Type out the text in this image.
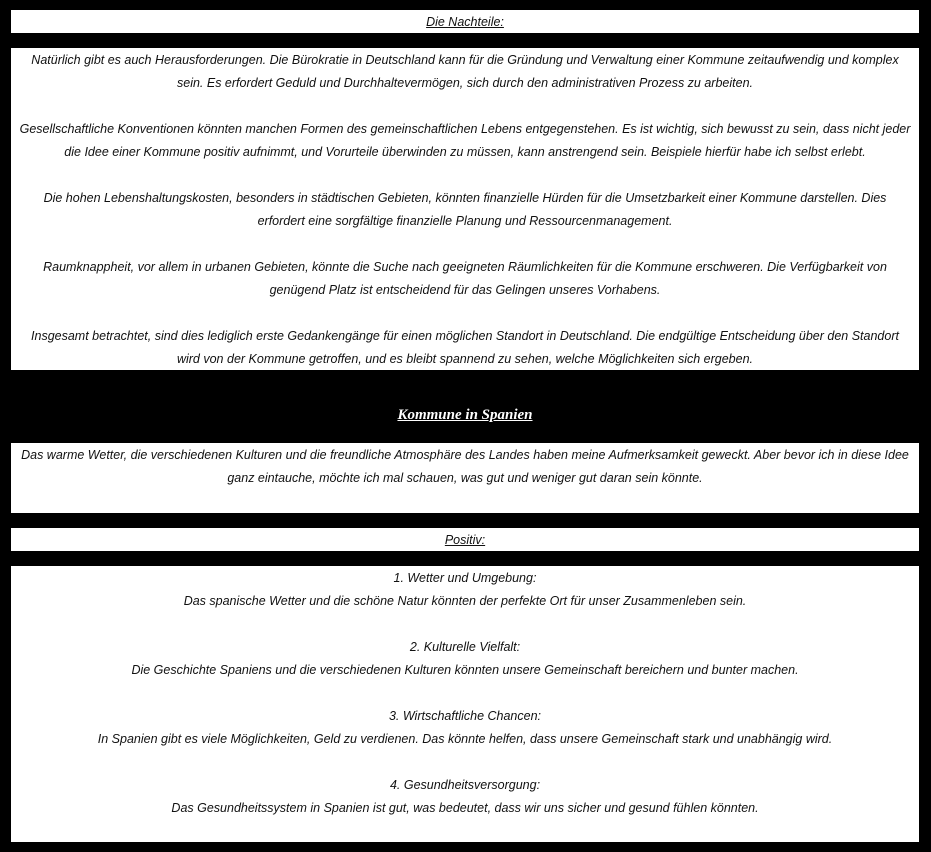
Die Nachteile:

Natürlich gibt es auch Herausforderungen. Die Bürokratie in Deutschland kann für die Gründung und Verwaltung einer Kommune zeitaufwendig und komplex sein. Es erfordert Geduld und Durchhaltevermögen, sich durch den administrativen Prozess zu arbeiten.

Gesellschaftliche Konventionen könnten manchen Formen des gemeinschaftlichen Lebens entgegenstehen. Es ist wichtig, sich bewusst zu sein, dass nicht jeder die Idee einer Kommune positiv aufnimmt, und Vorurteile überwinden zu müssen, kann anstrengend sein. Beispiele hierfür habe ich selbst erlebt.

Die hohen Lebenshaltungskosten, besonders in städtischen Gebieten, könnten finanzielle Hürden für die Umsetzbarkeit einer Kommune darstellen. Dies erfordert eine sorgfältige finanzielle Planung und Ressourcenmanagement.

Raumknappheit, vor allem in urbanen Gebieten, könnte die Suche nach geeigneten Räumlichkeiten für die Kommune erschweren. Die Verfügbarkeit von genügend Platz ist entscheidend für das Gelingen unseres Vorhabens.

Insgesamt betrachtet, sind dies lediglich erste Gedankengänge für einen möglichen Standort in Deutschland. Die endgültige Entscheidung über den Standort wird von der Kommune getroffen, und es bleibt spannend zu sehen, welche Möglichkeiten sich ergeben.

Kommune in Spanien

Das warme Wetter, die verschiedenen Kulturen und die freundliche Atmosphäre des Landes haben meine Aufmerksamkeit geweckt. Aber bevor ich in diese Idee ganz eintauche, möchte ich mal schauen, was gut und weniger gut daran sein könnte.

Positiv:

1. Wetter und Umgebung:

Das spanische Wetter und die schöne Natur könnten der perfekte Ort für unser Zusammenleben sein.

2. Kulturelle Vielfalt:

Die Geschichte Spaniens und die verschiedenen Kulturen könnten unsere Gemeinschaft bereichern und bunter machen.

3. Wirtschaftliche Chancen:

In Spanien gibt es viele Möglichkeiten, Geld zu verdienen. Das könnte helfen, dass unsere Gemeinschaft stark und unabhängig wird.

4. Gesundheitsversorgung:

Das Gesundheitssystem in Spanien ist gut, was bedeutet, dass wir uns sicher und gesund fühlen könnten.
